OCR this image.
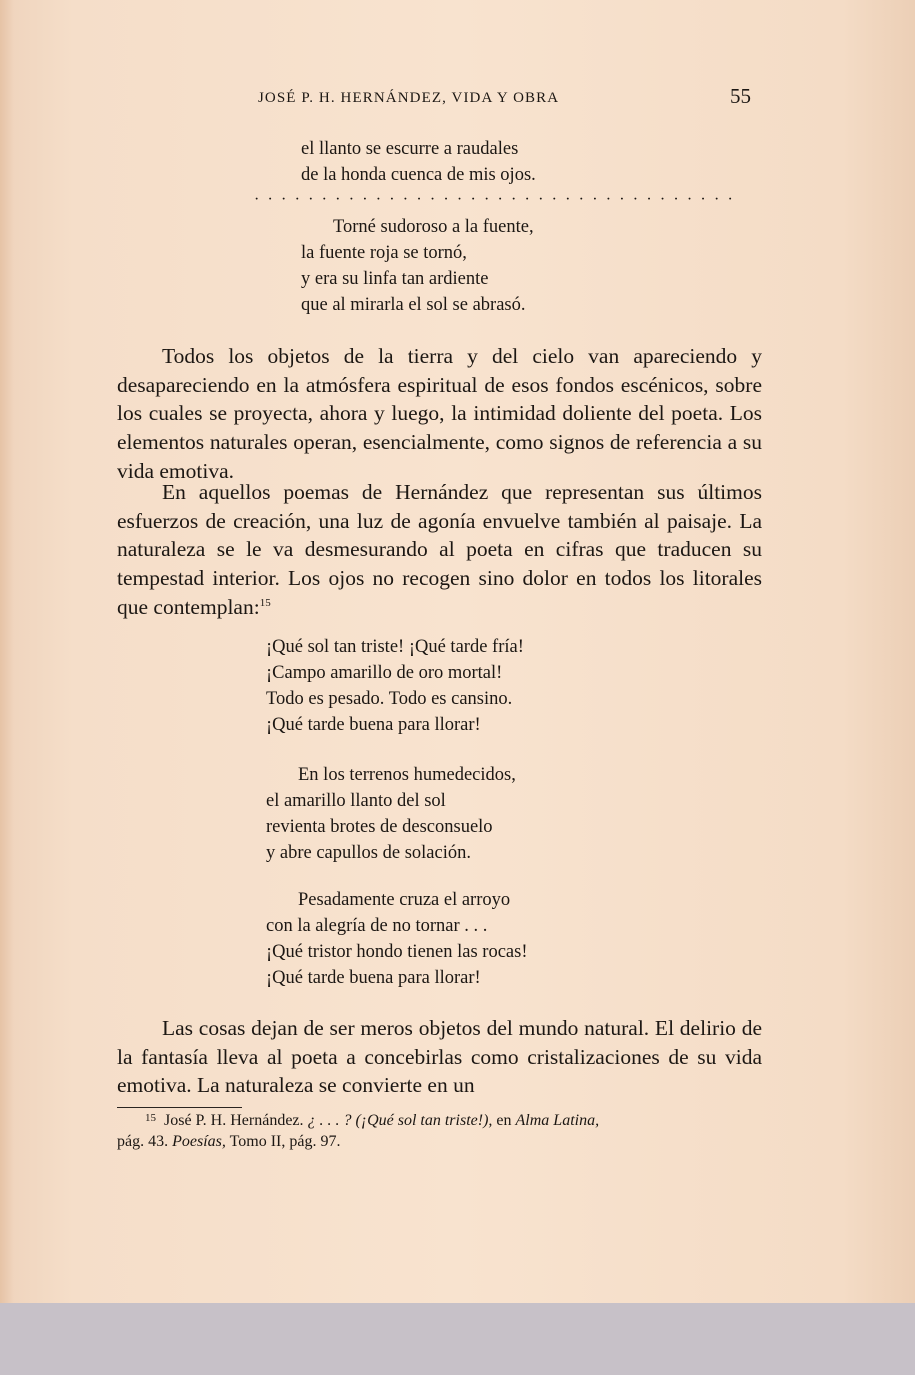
JOSÉ P. H. HERNÁNDEZ, VIDA Y OBRA	55
el llanto se escurre a raudales
de la honda cuenca de mis ojos.
· · · · · · · · · · · · · · · · · · · · · · · · · · · · · · · · · · · ·
Torné sudoroso a la fuente,
la fuente roja se tornó,
y era su linfa tan ardiente
que al mirarla el sol se abrasó.

Todos los objetos de la tierra y del cielo van apareciendo y desapareciendo en la atmósfera espiritual de esos fondos escénicos, sobre los cuales se proyecta, ahora y luego, la intimidad doliente del poeta. Los elementos naturales operan, esencialmente, como signos de referencia a su vida emotiva.

En aquellos poemas de Hernández que representan sus últimos esfuerzos de creación, una luz de agonía envuelve también al paisaje. La naturaleza se le va desmesurando al poeta en cifras que traducen su tempestad interior. Los ojos no recogen sino dolor en todos los litorales que contemplan:$^{15}$

¡Qué sol tan triste! ¡Qué tarde fría!
¡Campo amarillo de oro mortal!
Todo es pesado. Todo es cansino.
¡Qué tarde buena para llorar!
En los terrenos humedecidos,
el amarillo llanto del sol
revienta brotes de desconsuelo
y abre capullos de solación.
Pesadamente cruza el arroyo
con la alegría de no tornar . . .
¡Qué tristor hondo tienen las rocas!
¡Qué tarde buena para llorar!

Las cosas dejan de ser meros objetos del mundo natural. El delirio de la fantasía lleva al poeta a concebirlas como cristalizaciones de su vida emotiva. La naturaleza se convierte en un

$^{15}$ José P. H. Hernández. ¿ . . . ? (¡Qué sol tan triste!), en Alma Latina,
pág. 43. Poesías, Tomo II, pág. 97.
